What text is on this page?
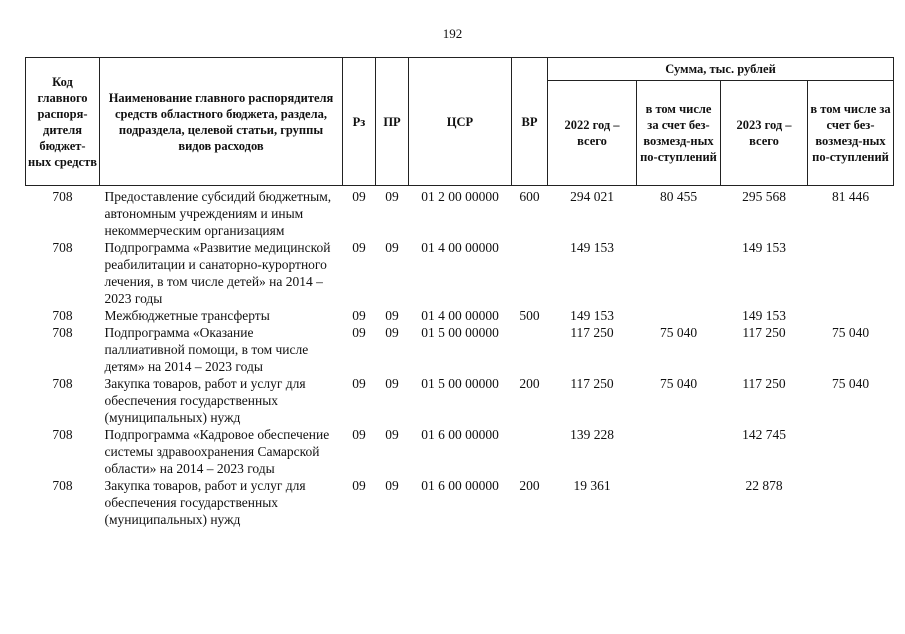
192
Код главного распоря-дителя бюджет-ных средств	Наименование главного распорядителя средств областного бюджета, раздела, подраздела, целевой статьи, группы видов расходов	Рз	ПР	ЦСР	ВР	Сумма, тыс. рублей			
						2022 год – всего	в том числе за счет без-возмезд-ных по-ступлений	2023 год – всего	в том числе за счет без-возмезд-ных по-ступлений
708	Предоставление субсидий бюджетным, автономным учреждениям и иным некоммерческим организациям	09	09	01 2 00 00000	600	294 021	80 455	295 568	81 446
708	Подпрограмма «Развитие медицинской реабилитации и санаторно-курортного лечения, в том числе детей» на 2014 – 2023 годы	09	09	01 4 00 00000		149 153		149 153	
708	Межбюджетные трансферты	09	09	01 4 00 00000	500	149 153		149 153	
708	Подпрограмма «Оказание паллиативной помощи, в том числе детям» на 2014 – 2023 годы	09	09	01 5 00 00000		117 250	75 040	117 250	75 040
708	Закупка товаров, работ и услуг для обеспечения государственных (муниципальных) нужд	09	09	01 5 00 00000	200	117 250	75 040	117 250	75 040
708	Подпрограмма «Кадровое обеспечение системы здравоохранения Самарской области» на 2014 – 2023 годы	09	09	01 6 00 00000		139 228		142 745	
708	Закупка товаров, работ и услуг для обеспечения государственных (муниципальных) нужд	09	09	01 6 00 00000	200	19 361		22 878	
